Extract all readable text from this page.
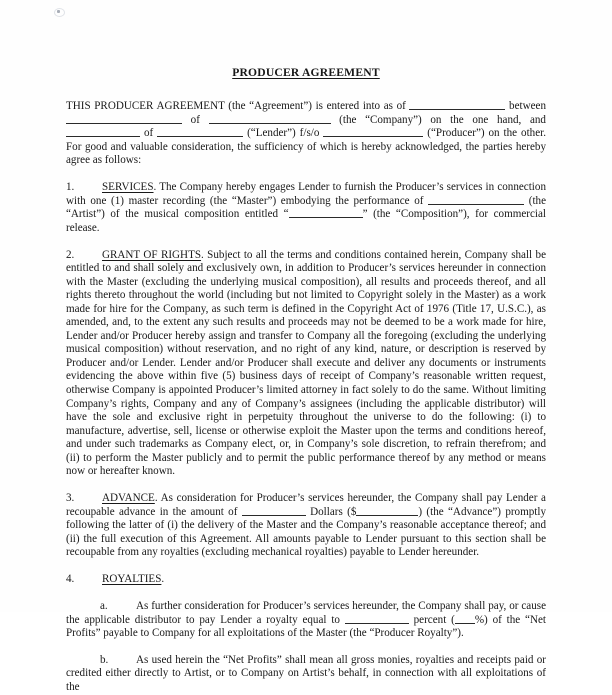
PRODUCER AGREEMENT

THIS PRODUCER AGREEMENT (the “Agreement”) is entered into as of	between  of	(the “Company”) on the one hand, and  of	(“Lender”) f/s/o	(“Producer”) on the other. For good and valuable consideration, the sufficiency of which is hereby acknowledged, the parties hereby agree as follows:

1. SERVICES. The Company hereby engages Lender to furnish the Producer’s services in connection with one (1) master recording (the “Master”) embodying the performance of	(the “Artist”) of the musical composition entitled “	” (the “Composition”), for commercial release.

2. GRANT OF RIGHTS. Subject to all the terms and conditions contained herein, Company shall be entitled to and shall solely and exclusively own, in addition to Producer’s services hereunder in connection with the Master (excluding the underlying musical composition), all results and proceeds thereof, and all rights thereto throughout the world (including but not limited to Copyright solely in the Master) as a work made for hire for the Company, as such term is defined in the Copyright Act of 1976 (Title 17, U.S.C.), as amended, and, to the extent any such results and proceeds may not be deemed to be a work made for hire, Lender and/or Producer hereby assign and transfer to Company all the foregoing (excluding the underlying musical composition) without reservation, and no right of any kind, nature, or description is reserved by Producer and/or Lender. Lender and/or Producer shall execute and deliver any documents or instruments evidencing the above within five (5) business days of receipt of Company’s reasonable written request, otherwise Company is appointed Producer’s limited attorney in fact solely to do the same. Without limiting Company’s rights, Company and any of Company’s assignees (including the applicable distributor) will have the sole and exclusive right in perpetuity throughout the universe to do the following: (i) to manufacture, advertise, sell, license or otherwise exploit the Master upon the terms and conditions hereof, and under such trademarks as Company elect, or, in Company’s sole discretion, to refrain therefrom; and (ii) to perform the Master publicly and to permit the public performance thereof by any method or means now or hereafter known.

3. ADVANCE. As consideration for Producer’s services hereunder, the Company shall pay Lender a recoupable advance in the amount of	Dollars ($	) (the “Advance”) promptly following the latter of (i) the delivery of the Master and the Company’s reasonable acceptance thereof; and (ii) the full execution of this Agreement. All amounts payable to Lender pursuant to this section shall be recoupable from any royalties (excluding mechanical royalties) payable to Lender hereunder.

4. ROYALTIES.

a.	As further consideration for Producer’s services hereunder, the Company shall pay, or cause the applicable distributor to pay Lender a royalty equal to	percent ( %) of the “Net Profits” payable to Company for all exploitations of the Master (the “Producer Royalty”).

b. As used herein the “Net Profits” shall mean all gross monies, royalties and receipts paid or credited either directly to Artist, or to Company on Artist’s behalf, in connection with all exploitations of the
